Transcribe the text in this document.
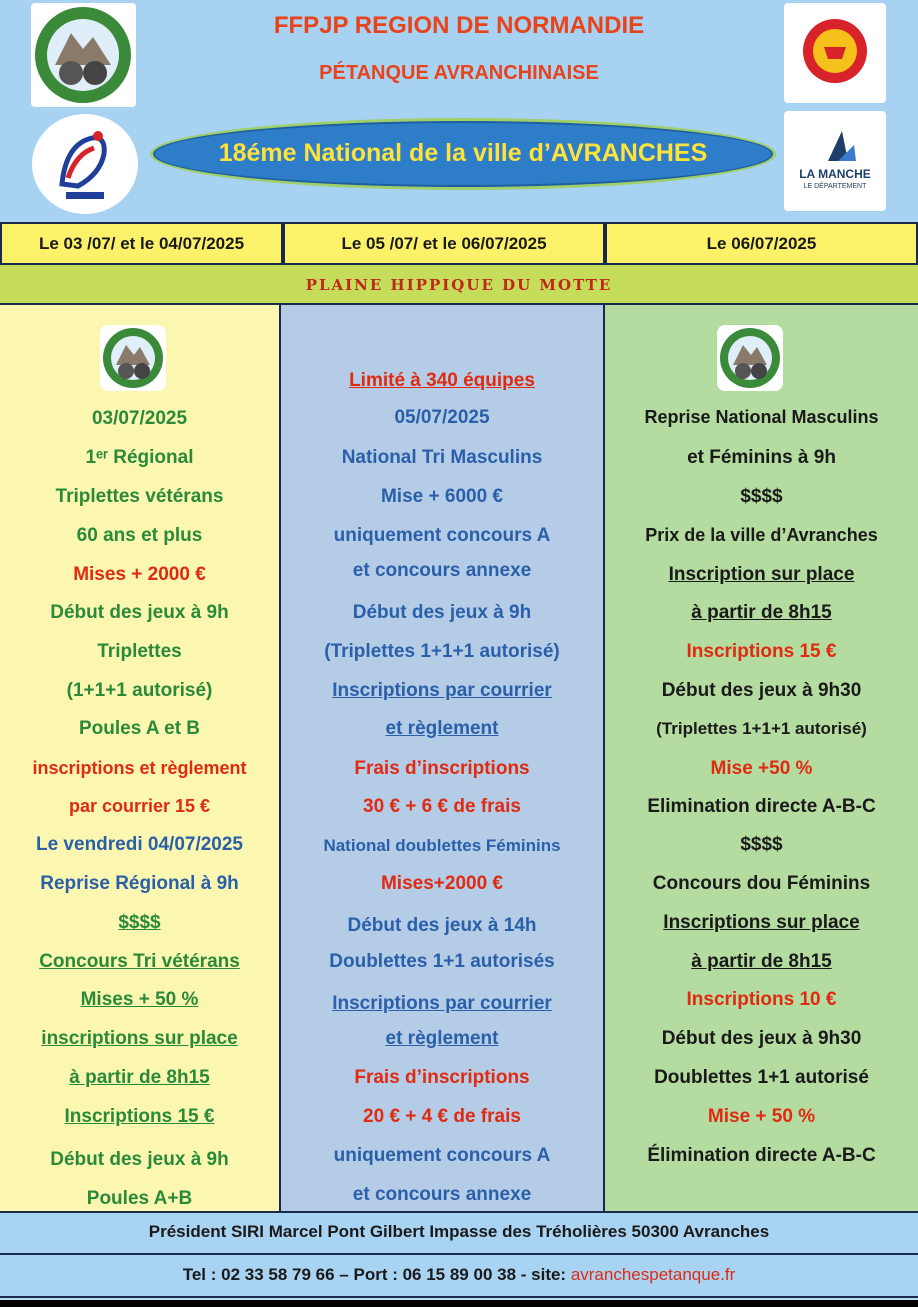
LA MANCHE
LE DÉPARTEMENT
FFPJP REGION DE NORMANDIE
PÉTANQUE AVRANCHINAISE
18éme National de la ville d’AVRANCHES
Le 03 /07/ et le 04/07/2025	Le 05 /07/ et le 06/07/2025	Le 06/07/2025
PLAINE HIPPIQUE DU MOTTE
03/07/2025
1ᵉʳ Régional
Triplettes vétérans
60 ans et plus
Mises + 2000 €
Début des jeux à 9h
Triplettes
(1+1+1 autorisé)
Poules A et B
inscriptions et règlement
par courrier 15 €
Le vendredi 04/07/2025
Reprise Régional à 9h
$$$$
Concours Tri vétérans
Mises + 50 %
inscriptions sur place
à partir de 8h15
Inscriptions 15 €
Début des jeux à 9h
Poules A+B
Limité à 340 équipes
05/07/2025
National Tri Masculins
Mise + 6000 €
uniquement concours A
et concours annexe
Début des jeux à 9h
(Triplettes 1+1+1 autorisé)
Inscriptions par courrier
et règlement
Frais d’inscriptions
30 € + 6 € de frais
National doublettes Féminins
Mises+2000 €
Début des jeux à 14h
Doublettes 1+1 autorisés
Inscriptions par courrier
et règlement
Frais d’inscriptions
20 € + 4 € de frais
uniquement concours A
et concours annexe
Reprise National Masculins
et Féminins à 9h
$$$$
Prix de la ville d’Avranches
Inscription sur place
à partir de 8h15
Inscriptions 15 €
Début des jeux à 9h30
(Triplettes 1+1+1 autorisé)
Mise +50 %
Elimination directe A-B-C
$$$$
Concours dou Féminins
Inscriptions sur place
à partir de 8h15
Inscriptions 10 €
Début des jeux à 9h30
Doublettes 1+1 autorisé
Mise + 50 %
Élimination directe A-B-C
Président SIRI Marcel Pont Gilbert Impasse des Tréholières 50300 Avranches
Tel : 02 33 58 79 66 – Port : 06 15 89 00 38 - site: avranchespetanque.fr
